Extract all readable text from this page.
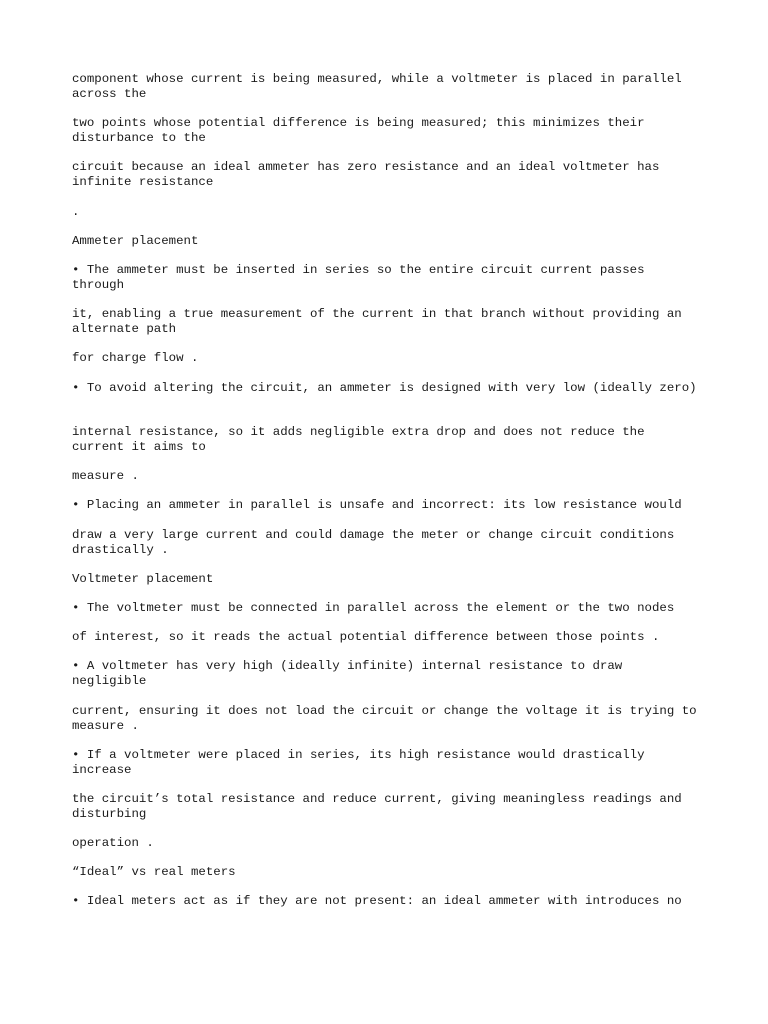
component whose current is being measured, while a voltmeter is placed in parallel across the

two points whose potential difference is being measured; this minimizes their disturbance to the

circuit because an ideal ammeter has zero resistance and an ideal voltmeter has infinite resistance

.

Ammeter placement

• The ammeter must be inserted in series so the entire circuit current passes through

it, enabling a true measurement of the current in that branch without providing an alternate path

for charge flow .

• To avoid altering the circuit, an ammeter is designed with very low (ideally zero)

internal resistance, so it adds negligible extra drop and does not reduce the current it aims to

measure .

• Placing an ammeter in parallel is unsafe and incorrect: its low resistance would

draw a very large current and could damage the meter or change circuit conditions drastically .

Voltmeter placement

• The voltmeter must be connected in parallel across the element or the two nodes

of interest, so it reads the actual potential difference between those points .

• A voltmeter has very high (ideally infinite) internal resistance to draw negligible

current, ensuring it does not load the circuit or change the voltage it is trying to measure .

• If a voltmeter were placed in series, its high resistance would drastically increase

the circuit’s total resistance and reduce current, giving meaningless readings and disturbing

operation .

“Ideal” vs real meters

• Ideal meters act as if they are not present: an ideal ammeter with introduces no
